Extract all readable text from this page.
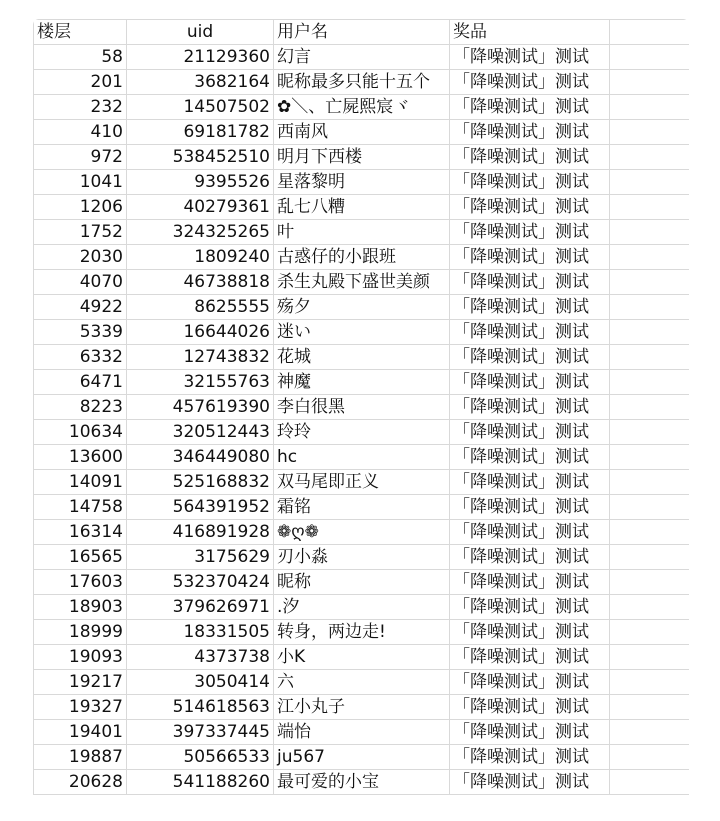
楼层	uid	用户名	奖品	
58	21129360	幻言	「降噪测试」测试	
201	3682164	昵称最多只能十五个	「降噪测试」测试	
232	14507502	✿＼、亡屍熙宸ヾ	「降噪测试」测试	
410	69181782	西南风	「降噪测试」测试	
972	538452510	明月下西楼	「降噪测试」测试	
1041	9395526	星落黎明	「降噪测试」测试	
1206	40279361	乱七八糟	「降噪测试」测试	
1752	324325265	叶	「降噪测试」测试	
2030	1809240	古惑仔的小跟班	「降噪测试」测试	
4070	46738818	杀生丸殿下盛世美颜	「降噪测试」测试	
4922	8625555	殇夕	「降噪测试」测试	
5339	16644026	迷い	「降噪测试」测试	
6332	12743832	花城	「降噪测试」测试	
6471	32155763	神魔	「降噪测试」测试	
8223	457619390	李白很黑	「降噪测试」测试	
10634	320512443	玲玲	「降噪测试」测试	
13600	346449080	hc	「降噪测试」测试	
14091	525168832	双马尾即正义	「降噪测试」测试	
14758	564391952	霜铭	「降噪测试」测试	
16314	416891928	❁ღ❁	「降噪测试」测试	
16565	3175629	刃小淼	「降噪测试」测试	
17603	532370424	昵称	「降噪测试」测试	
18903	379626971	.汐	「降噪测试」测试	
18999	18331505	转身，两边走!	「降噪测试」测试	
19093	4373738	小K	「降噪测试」测试	
19217	3050414	六	「降噪测试」测试	
19327	514618563	江小丸子	「降噪测试」测试	
19401	397337445	端怡	「降噪测试」测试	
19887	50566533	ju567	「降噪测试」测试	
20628	541188260	最可爱的小宝	「降噪测试」测试	
